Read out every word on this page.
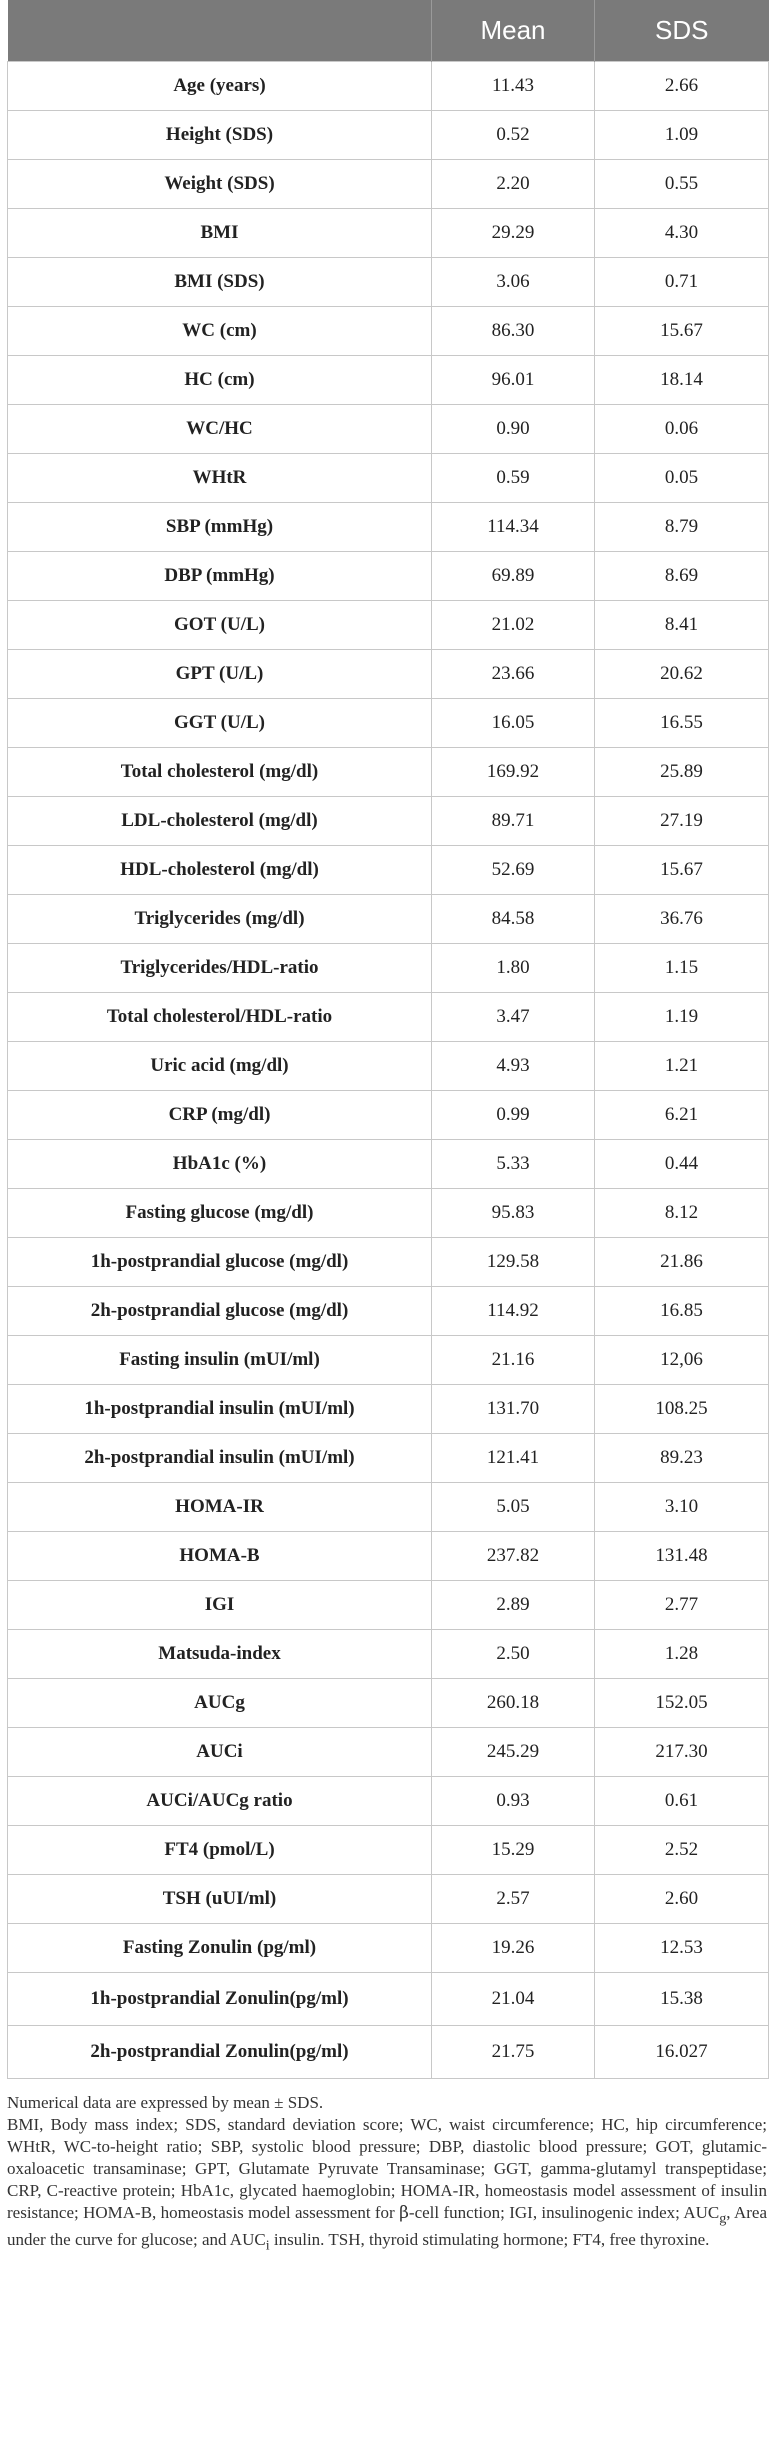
	Mean	SDS
Age (years)	11.43	2.66
Height (SDS)	0.52	1.09
Weight (SDS)	2.20	0.55
BMI	29.29	4.30
BMI (SDS)	3.06	0.71
WC (cm)	86.30	15.67
HC (cm)	96.01	18.14
WC/HC	0.90	0.06
WHtR	0.59	0.05
SBP (mmHg)	114.34	8.79
DBP (mmHg)	69.89	8.69
GOT (U/L)	21.02	8.41
GPT (U/L)	23.66	20.62
GGT (U/L)	16.05	16.55
Total cholesterol (mg/dl)	169.92	25.89
LDL-cholesterol (mg/dl)	89.71	27.19
HDL-cholesterol (mg/dl)	52.69	15.67
Triglycerides (mg/dl)	84.58	36.76
Triglycerides/HDL-ratio	1.80	1.15
Total cholesterol/HDL-ratio	3.47	1.19
Uric acid (mg/dl)	4.93	1.21
CRP (mg/dl)	0.99	6.21
HbA1c (%)	5.33	0.44
Fasting glucose (mg/dl)	95.83	8.12
1h-postprandial glucose (mg/dl)	129.58	21.86
2h-postprandial glucose (mg/dl)	114.92	16.85
Fasting insulin (mUI/ml)	21.16	12,06
1h-postprandial insulin (mUI/ml)	131.70	108.25
2h-postprandial insulin (mUI/ml)	121.41	89.23
HOMA-IR	5.05	3.10
HOMA-B	237.82	131.48
IGI	2.89	2.77
Matsuda-index	2.50	1.28
AUCg	260.18	152.05
AUCi	245.29	217.30
AUCi/AUCg ratio	0.93	0.61
FT4 (pmol/L)	15.29	2.52
TSH (uUI/ml)	2.57	2.60
Fasting Zonulin (pg/ml)	19.26	12.53
1h-postprandial Zonulin(pg/ml)	21.04	15.38
2h-postprandial Zonulin(pg/ml)	21.75	16.027

Numerical data are expressed by mean ± SDS.

BMI, Body mass index; SDS, standard deviation score; WC, waist circumference; HC, hip circumference; WHtR, WC-to-height ratio; SBP, systolic blood pressure; DBP, diastolic blood pressure; GOT, glutamic-oxaloacetic transaminase; GPT, Glutamate Pyruvate Transaminase; GGT, gamma-glutamyl transpeptidase; CRP, C-reactive protein; HbA1c, glycated haemoglobin; HOMA-IR, homeostasis model assessment of insulin resistance; HOMA-B, homeostasis model assessment for β-cell function; IGI, insulinogenic index; $AUC_g$, Area under the curve for glucose; and $AUC_i$ insulin. TSH, thyroid stimulating hormone; FT4, free thyroxine.
